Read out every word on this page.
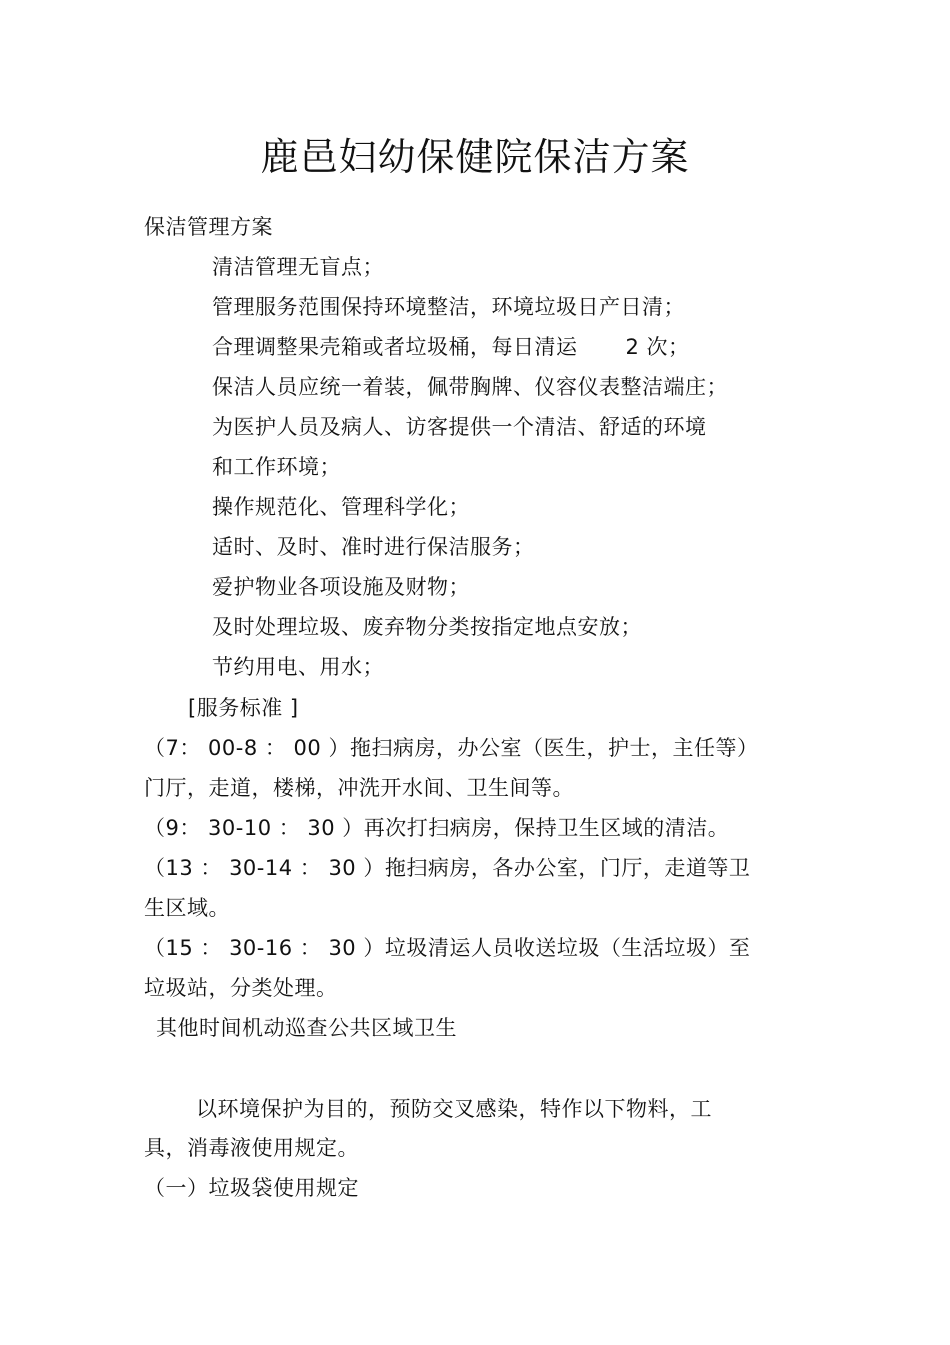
鹿邑妇幼保健院保洁方案
保洁管理方案
清洁管理无盲点；
管理服务范围保持环境整洁，环境垃圾日产日清；
合理调整果壳箱或者垃圾桶，每日清运 2 次；
保洁人员应统一着装，佩带胸牌、仪容仪表整洁端庄；
为医护人员及病人、访客提供一个清洁、舒适的环境
和工作环境；
操作规范化、管理科学化；
适时、及时、准时进行保洁服务；
爱护物业各项设施及财物；
及时处理垃圾、废弃物分类按指定地点安放；
节约用电、用水；
[服务标准 ]
（7： 00-8 ： 00 ）拖扫病房，办公室（医生，护士，主任等）
门厅，走道，楼梯，冲洗开水间、卫生间等。
（9： 30-10 ： 30 ）再次打扫病房，保持卫生区域的清洁。
（13 ： 30-14 ： 30 ）拖扫病房，各办公室，门厅，走道等卫
生区域。
（15 ： 30-16 ： 30 ）垃圾清运人员收送垃圾（生活垃圾）至
垃圾站，分类处理。
其他时间机动巡查公共区域卫生
以环境保护为目的，预防交叉感染，特作以下物料，工
具，消毒液使用规定。
（一）垃圾袋使用规定
